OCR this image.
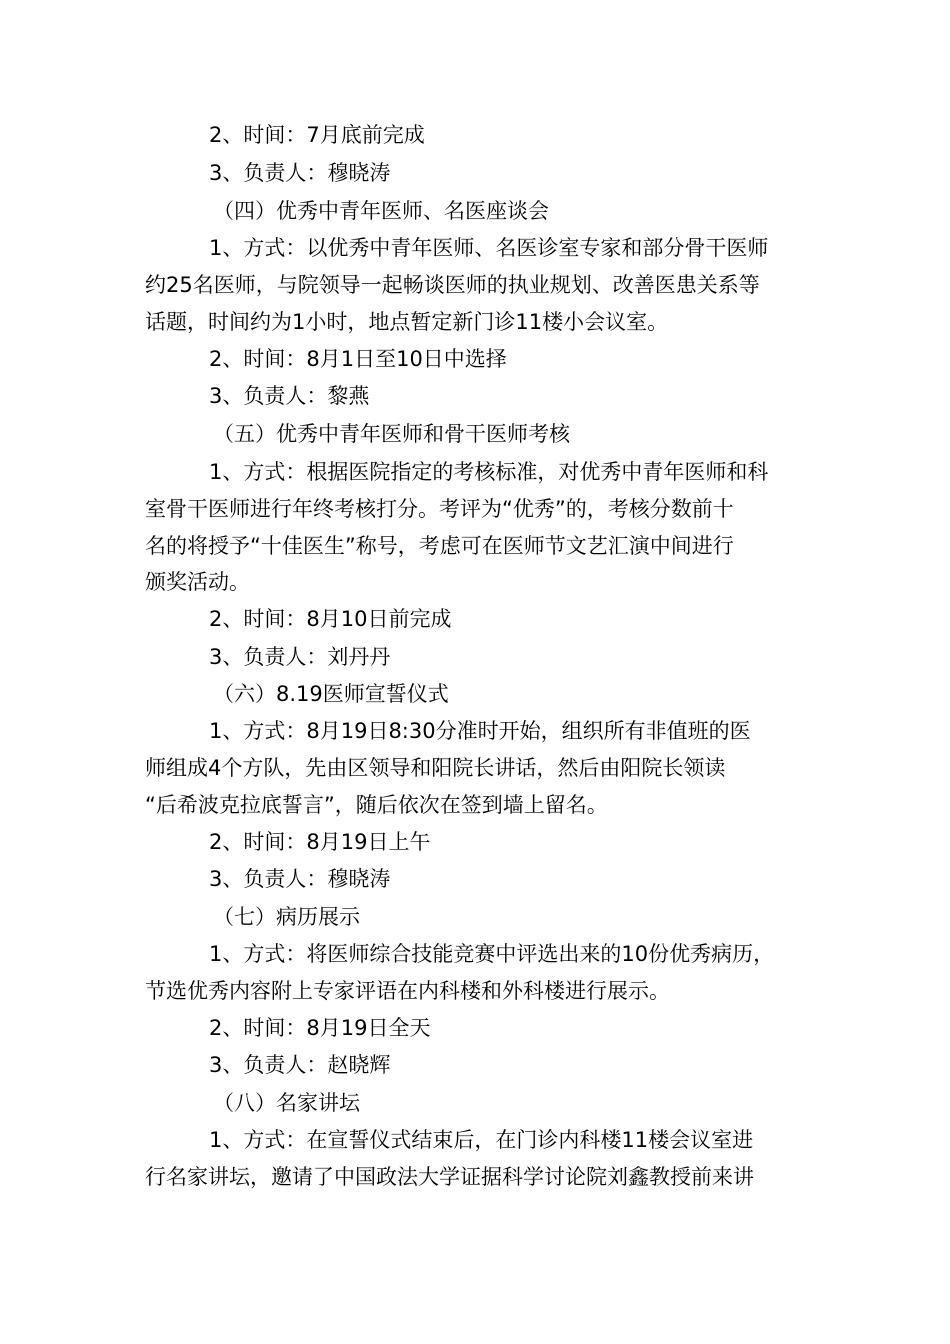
2、时间：7月底前完成
3、负责人：穆晓涛
（四）优秀中青年医师、名医座谈会
1、方式：以优秀中青年医师、名医诊室专家和部分骨干医师
约25名医师，与院领导一起畅谈医师的执业规划、改善医患关系等
话题，时间约为1小时，地点暂定新门诊11楼小会议室。
2、时间：8月1日至10日中选择
3、负责人：黎燕
（五）优秀中青年医师和骨干医师考核
1、方式：根据医院指定的考核标准，对优秀中青年医师和科
室骨干医师进行年终考核打分。考评为“优秀”的，考核分数前十
名的将授予“十佳医生”称号，考虑可在医师节文艺汇演中间进行
颁奖活动。
2、时间：8月10日前完成
3、负责人：刘丹丹
（六）8.19医师宣誓仪式
1、方式：8月19日8:30分准时开始，组织所有非值班的医
师组成4个方队，先由区领导和阳院长讲话，然后由阳院长领读
“后希波克拉底誓言”，随后依次在签到墙上留名。
2、时间：8月19日上午
3、负责人：穆晓涛
（七）病历展示
1、方式：将医师综合技能竞赛中评选出来的10份优秀病历，
节选优秀内容附上专家评语在内科楼和外科楼进行展示。
2、时间：8月19日全天
3、负责人：赵晓辉
（八）名家讲坛
1、方式：在宣誓仪式结束后，在门诊内科楼11楼会议室进
行名家讲坛，邀请了中国政法大学证据科学讨论院刘鑫教授前来讲
